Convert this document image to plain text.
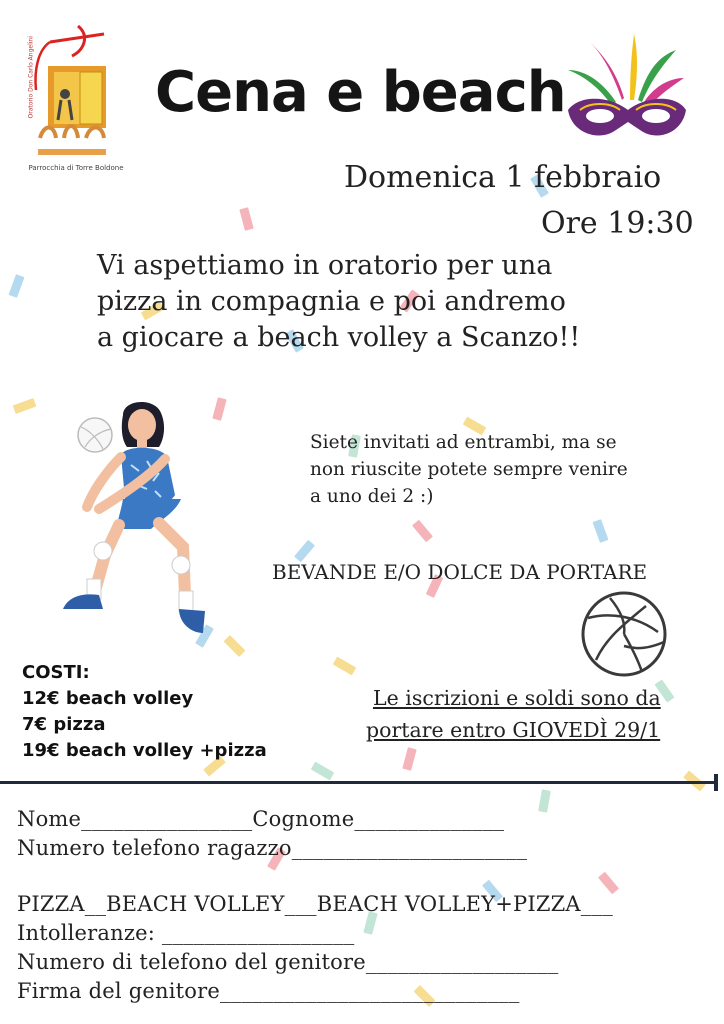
Oratorio Don Carlo Angelini
Parrocchia di Torre Boldone
Cena e beach
Domenica 1 febbraio
Ore 19:30
Vi aspettiamo in oratorio per una
pizza in compagnia e poi andremo
a giocare a beach volley a Scanzo!!
Siete invitati ad entrambi, ma se
non riuscite potete sempre venire
a uno dei 2 :)
BEVANDE E/O DOLCE DA PORTARE
COSTI:
12€ beach volley
7€ pizza
19€ beach volley +pizza
Le iscrizioni e soldi sono da
portare entro GIOVEDÌ 29/1
Nome________________Cognome______________
Numero telefono ragazzo______________________
PIZZA__BEACH VOLLEY___BEACH VOLLEY+PIZZA___
Intolleranze: __________________
Numero di telefono del genitore__________________
Firma del genitore____________________________
